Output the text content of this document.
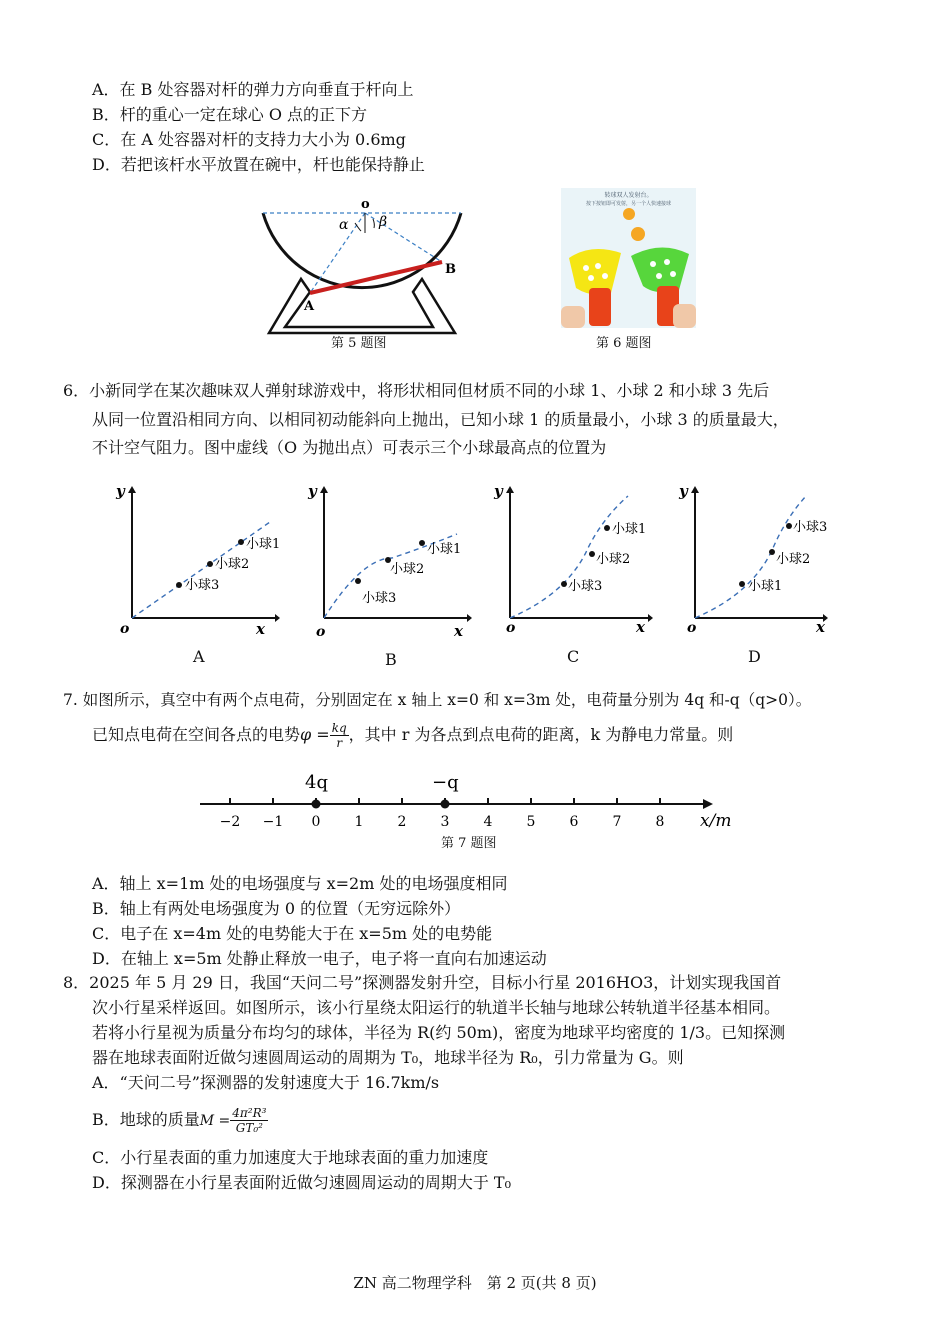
A．在 B 处容器对杆的弹力方向垂直于杆向上
B．杆的重心一定在球心 O 点的正下方
C．在 A 处容器对杆的支持力大小为 0.6mg
D．若把该杆水平放置在碗中，杆也能保持静止
o
α β
A
B
第 5 题图
转球双人发射台。
按下按钮即可发射，另一个人快速接球
第 6 题图
6．小新同学在某次趣味双人弹射球游戏中，将形状相同但材质不同的小球 1、小球 2 和小球 3 先后
从同一位置沿相同方向、以相同初动能斜向上抛出，已知小球 1 的质量最小，小球 3 的质量最大，
不计空气阻力。图中虚线（O 为抛出点）可表示三个小球最高点的位置为
y
x
o
小球1
小球2
小球3
A
y
x
o
小球1
小球2
小球3
B
y
x
o
小球1
小球2
小球3
C
y
x
o
小球3
小球2
小球1
D
7. 如图所示，真空中有两个点电荷，分别固定在 x 轴上 x=0 和 x=3m 处，电荷量分别为 4q 和-q（q>0）。
已知点电荷在空间各点的电势$\varphi = \frac{kq}{r}$ ，其中 r 为各点到点电荷的距离，k 为静电力常量。则
−2 −1 0 1 2 3 4 5 6 7 8
4q	−q
x/m
第 7 题图
A．轴上 x=1m 处的电场强度与 x=2m 处的电场强度相同
B．轴上有两处电场强度为 0 的位置（无穷远除外）
C．电子在 x=4m 处的电势能大于在 x=5m 处的电势能
D．在轴上 x=5m 处静止释放一电子，电子将一直向右加速运动
8．2025 年 5 月 29 日，我国“天问二号”探测器发射升空，目标小行星 2016HO3，计划实现我国首
次小行星采样返回。如图所示，该小行星绕太阳运行的轨道半长轴与地球公转轨道半径基本相同。
若将小行星视为质量分布均匀的球体，半径为 R(约 50m)，密度为地球平均密度的 1/3。已知探测
器在地球表面附近做匀速圆周运动的周期为 T₀，地球半径为 R₀，引力常量为 G。则
A．“天问二号”探测器的发射速度大于 16.7km/s
B．地球的质量$M = \frac{\text{4π²R³}}{\text{GT₀²}}$
C．小行星表面的重力加速度大于地球表面的重力加速度
D．探测器在小行星表面附近做匀速圆周运动的周期大于 T₀
ZN 高二物理学科　第 2 页(共 8 页)
